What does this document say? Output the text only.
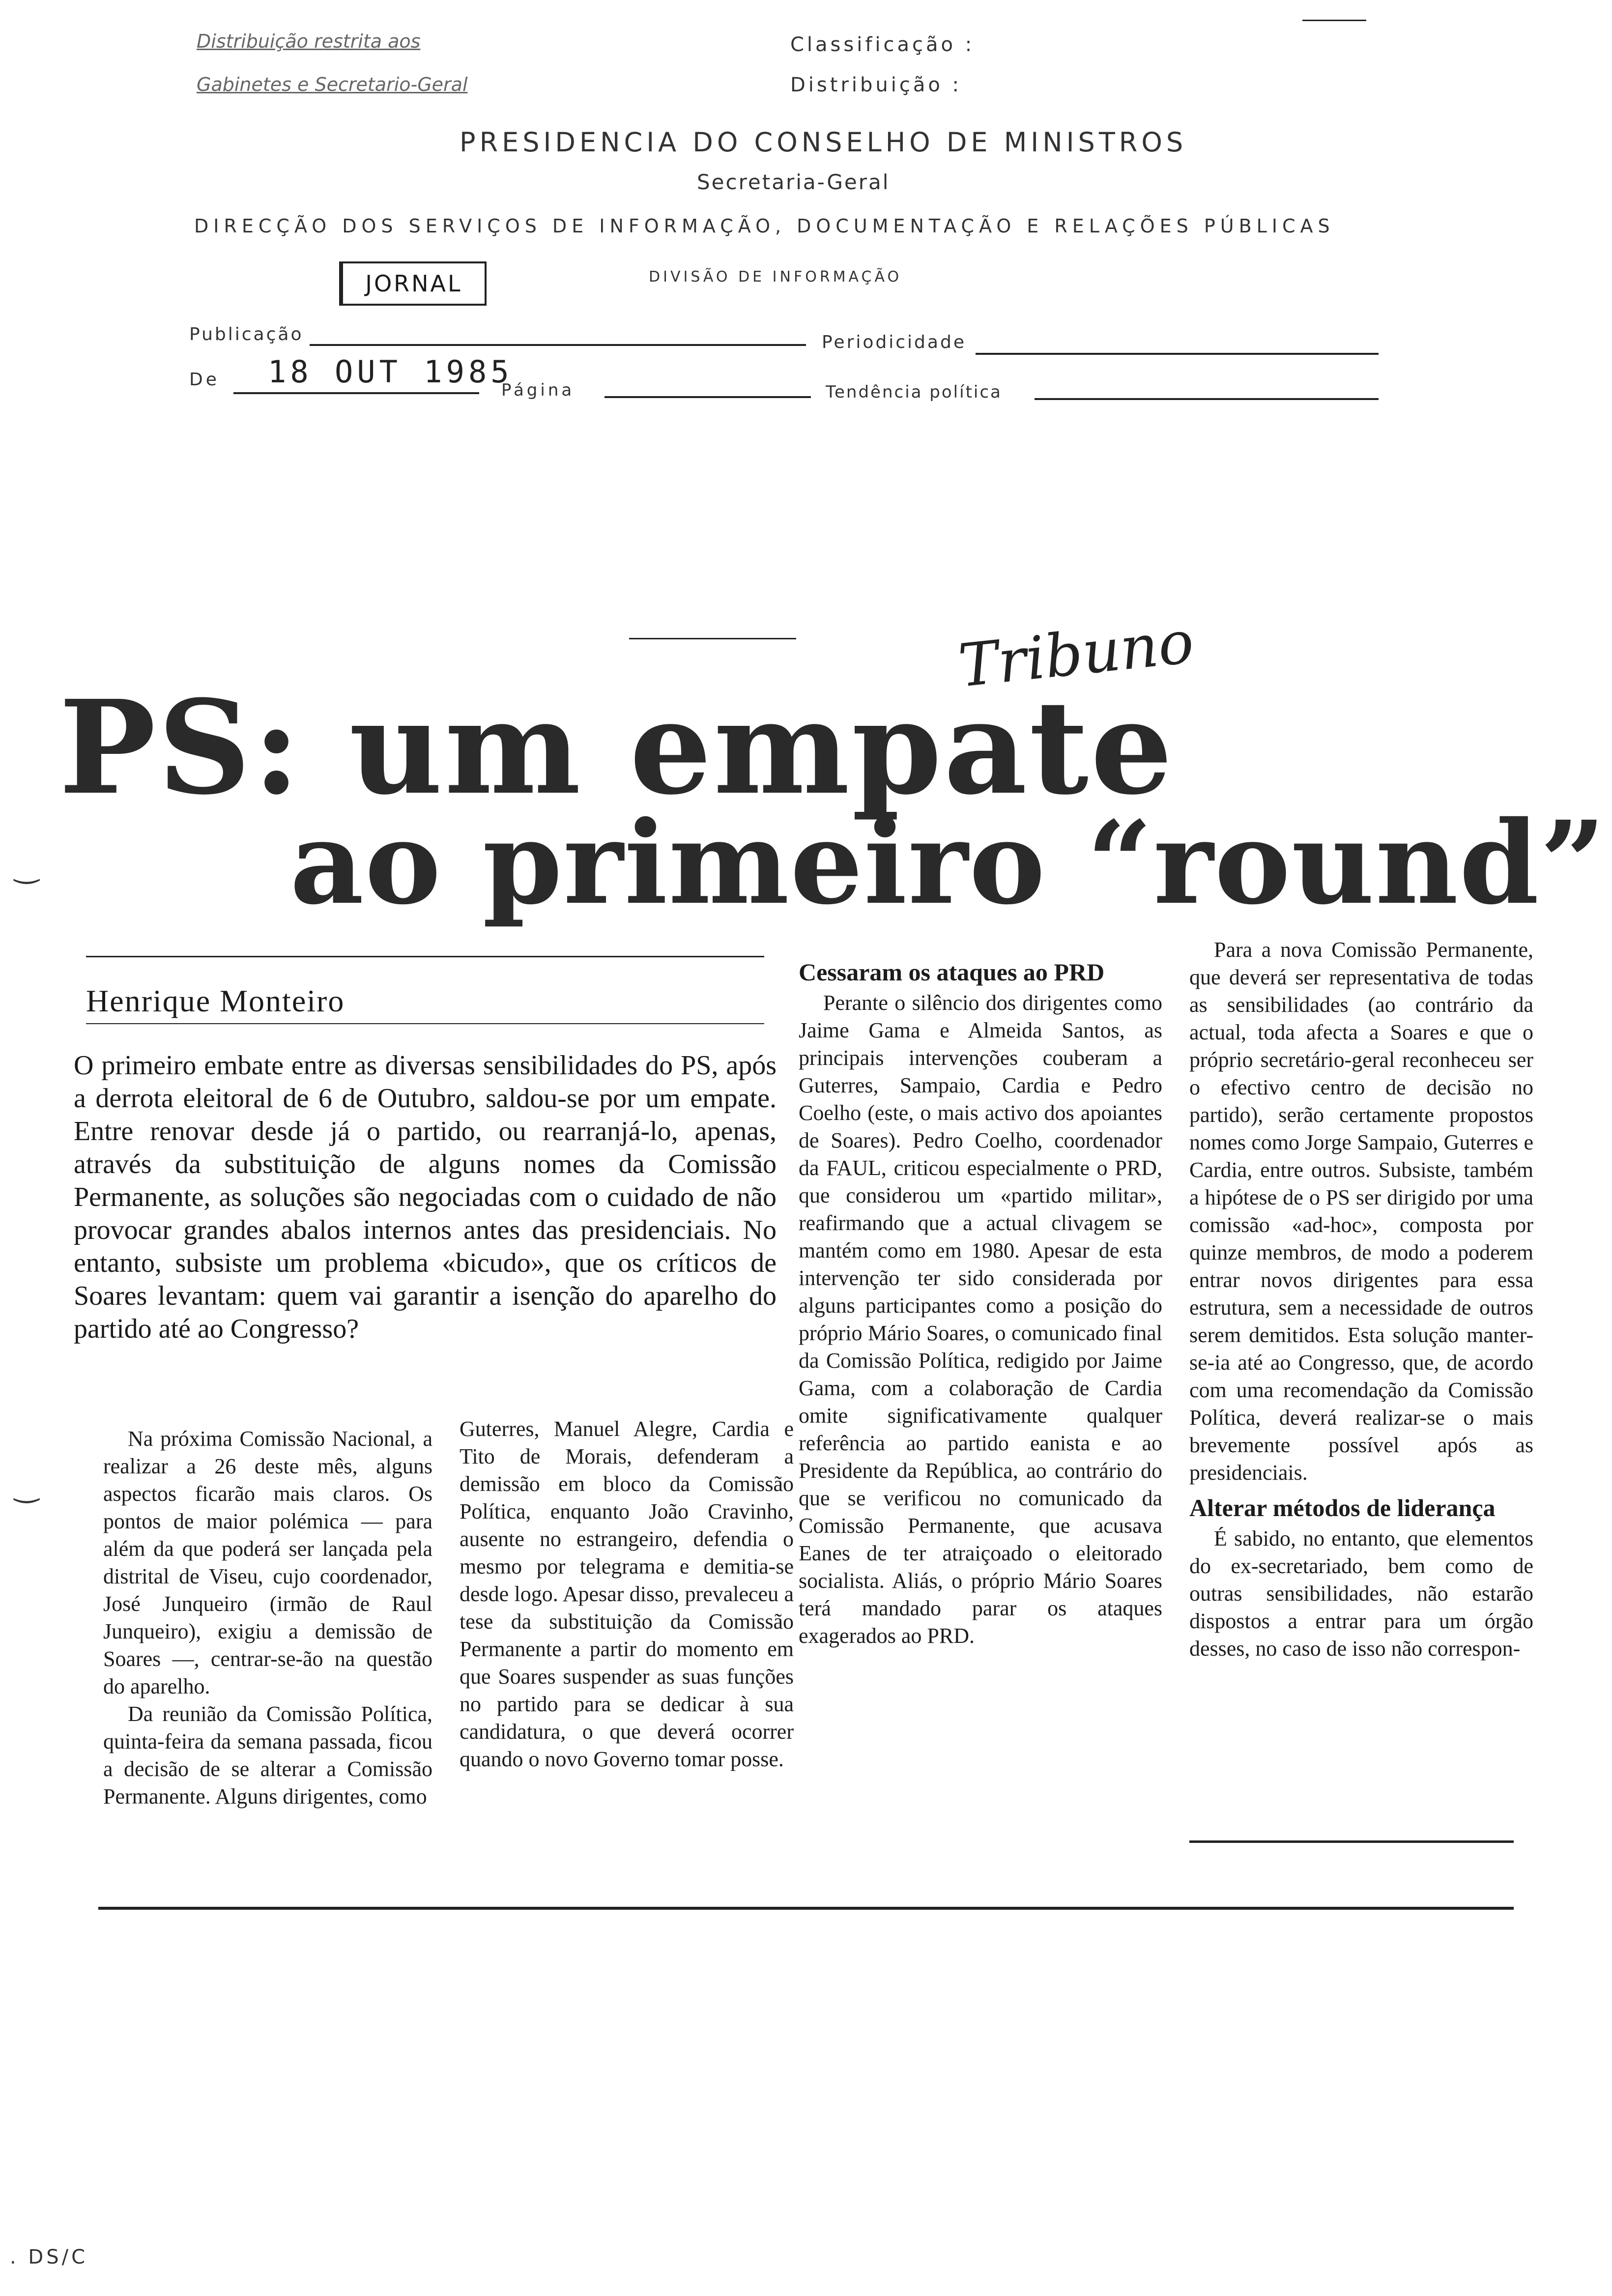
Distribuição restrita aos
Gabinetes e Secretario-Geral
Classificação :
Distribuição :
PRESIDENCIA DO CONSELHO DE MINISTROS
Secretaria-Geral
DIRECÇÃO DOS SERVIÇOS DE INFORMAÇÃO, DOCUMENTAÇÃO E RELAÇÕES PÚBLICAS
JORNAL	DIVISÃO DE INFORMAÇÃO
Publicação	Periodicidade
De 18 OUT 1985
Página	Tendência política
PS: um empate
Tribuno
ao primeiro “round”
‿
Henrique Monteiro
O primeiro embate entre as diversas sensibilidades do PS, após a derrota eleitoral de 6 de Outubro, saldou-se por um empate. Entre renovar desde já o partido, ou rearranjá-lo, apenas, através da substituição de alguns nomes da Comissão Permanente, as soluções são negociadas com o cuidado de não provocar grandes abalos internos antes das presidenciais. No entanto, subsiste um problema «bicudo», que os críticos de Soares levantam: quem vai garantir a isenção do aparelho do partido até ao Congresso?

Na próxima Comissão Nacional, a realizar a 26 deste mês, alguns aspectos ficarão mais claros. Os pontos de maior polémica — para além da que poderá ser lançada pela distrital de Viseu, cujo coordenador, José Junqueiro (irmão de Raul Junqueiro), exigiu a demissão de Soares —, centrar-se-ão na questão do aparelho.

Da reunião da Comissão Política, quinta-feira da semana passada, ficou a decisão de se alterar a Comissão Permanente. Alguns dirigentes, como

‿

Guterres, Manuel Alegre, Cardia e Tito de Morais, defenderam a demissão em bloco da Comissão Política, enquanto João Cravinho, ausente no estrangeiro, defendia o mesmo por telegrama e demitia-se desde logo. Apesar disso, prevaleceu a tese da substituição da Comissão Permanente a partir do momento em que Soares suspender as suas funções no partido para se dedicar à sua candidatura, o que deverá ocorrer quando o novo Governo tomar posse.

Cessaram os ataques ao PRD

Perante o silêncio dos dirigentes como Jaime Gama e Almeida Santos, as principais intervenções couberam a Guterres, Sampaio, Cardia e Pedro Coelho (este, o mais activo dos apoiantes de Soares). Pedro Coelho, coordenador da FAUL, criticou especialmente o PRD, que considerou um «partido militar», reafirmando que a actual clivagem se mantém como em 1980. Apesar de esta intervenção ter sido considerada por alguns participantes como a posição do próprio Mário Soares, o comunicado final da Comissão Política, redigido por Jaime Gama, com a colaboração de Cardia omite significativamente qualquer referência ao partido eanista e ao Presidente da República, ao contrário do que se verificou no comunicado da Comissão Permanente, que acusava Eanes de ter atraiçoado o eleitorado socialista. Aliás, o próprio Mário Soares terá mandado parar os ataques exagerados ao PRD.

Para a nova Comissão Permanente, que deverá ser representativa de todas as sensibilidades (ao contrário da actual, toda afecta a Soares e que o próprio secretário-geral reconheceu ser o efectivo centro de decisão no partido), serão certamente propostos nomes como Jorge Sampaio, Guterres e Cardia, entre outros. Subsiste, também a hipótese de o PS ser dirigido por uma comissão «ad-hoc», composta por quinze membros, de modo a poderem entrar novos dirigentes para essa estrutura, sem a necessidade de outros serem demitidos. Esta solução manter-se-ia até ao Congresso, que, de acordo com uma recomendação da Comissão Política, deverá realizar-se o mais brevemente possível após as presidenciais.

Alterar métodos de liderança

É sabido, no entanto, que elementos do ex-secretariado, bem como de outras sensibilidades, não estarão dispostos a entrar para um órgão desses, no caso de isso não correspon-

. DS/C
